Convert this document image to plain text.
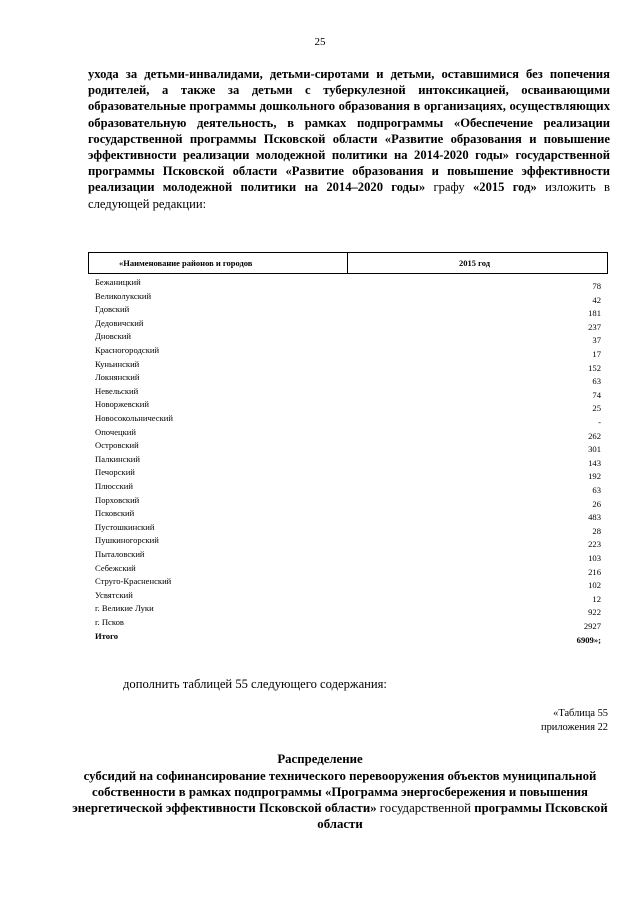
25
ухода за детьми-инвалидами, детьми-сиротами и детьми, оставшимися без попечения родителей, а также за детьми с туберкулезной интоксикацией, осваивающими образовательные программы дошкольного образования в организациях, осуществляющих образовательную деятельность, в рамках подпрограммы «Обеспечение реализации государственной программы Псковской области «Развитие образования и повышение эффективности реализации молодежной политики на 2014-2020 годы» государственной программы Псковской области «Развитие образования и повышение эффективности реализации молодежной политики на 2014–2020 годы» графу «2015 год» изложить в следующей редакции:
«Наименование районов и городов	2015 год
Бежаницкий	78
Великолукский	42
Гдовский	181
Дедовичский	237
Дновский	37
Красногородский	17
Куньинский	152
Локнянский	63
Невельский	74
Новоржевский	25
Новосокольнический	-
Опочецкий	262
Островский	301
Палкинский	143
Печорский	192
Плюсский	63
Порховский	26
Псковский	483
Пустошкинский	28
Пушкиногорский	223
Пыталовский	103
Себежский	216
Струго-Красненский	102
Усвятский	12
г. Великие Луки	922
г. Псков	2927
Итого	6909»;
дополнить таблицей 55 следующего содержания:
«Таблица 55
приложения 22
Распределение
субсидий на софинансирование технического перевооружения объектов муниципальной собственности в рамках подпрограммы «Программа энергосбережения и повышения энергетической эффективности Псковской области» государственной программы Псковской области
